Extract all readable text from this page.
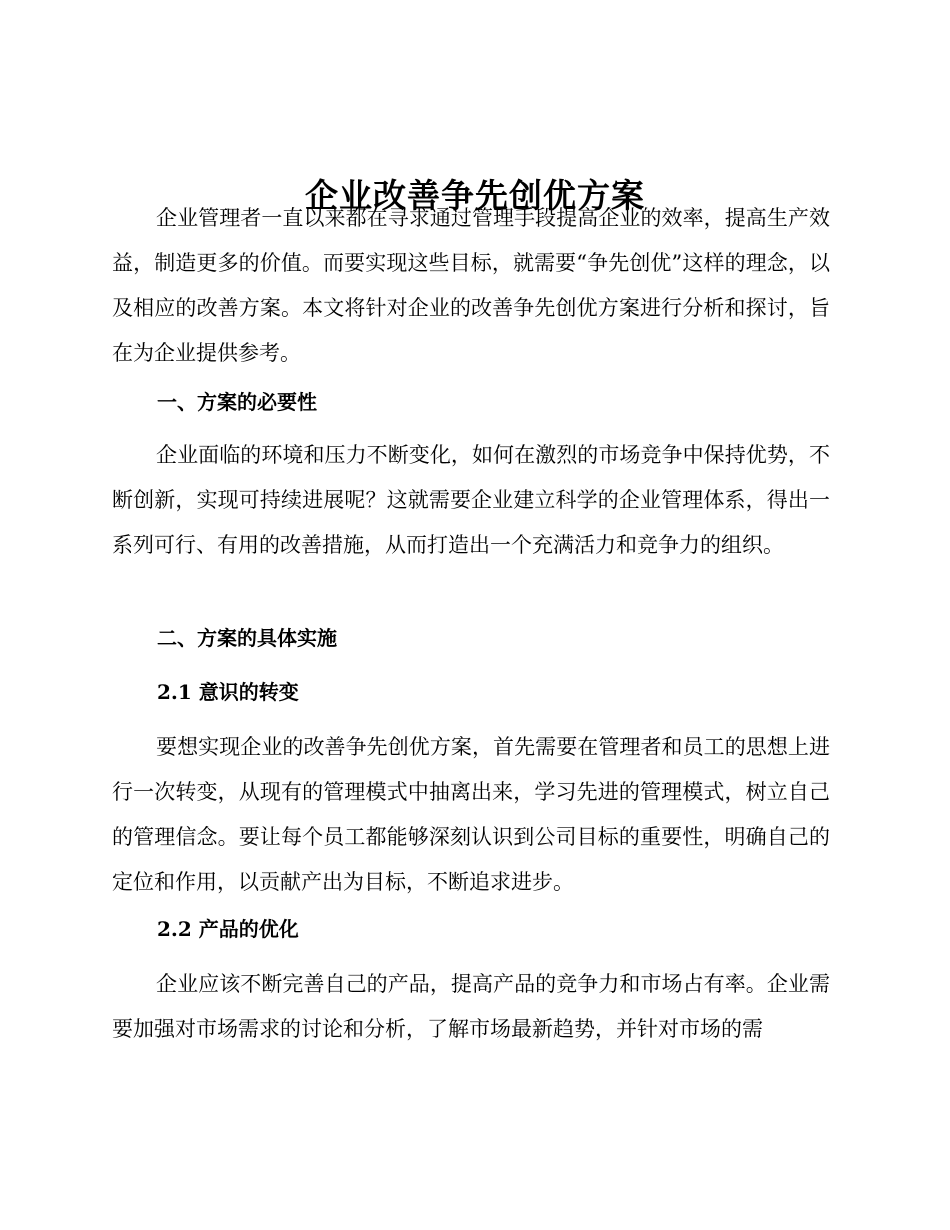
企业改善争先创优方案

企业管理者一直以来都在寻求通过管理手段提高企业的效率，提高生产效益，制造更多的价值。而要实现这些目标，就需要“争先创优”这样的理念，以及相应的改善方案。本文将针对企业的改善争先创优方案进行分析和探讨，旨在为企业提供参考。

一、方案的必要性

企业面临的环境和压力不断变化，如何在激烈的市场竞争中保持优势，不断创新，实现可持续进展呢？这就需要企业建立科学的企业管理体系，得出一系列可行、有用的改善措施，从而打造出一个充满活力和竞争力的组织。

二、方案的具体实施
2.1 意识的转变

要想实现企业的改善争先创优方案，首先需要在管理者和员工的思想上进行一次转变，从现有的管理模式中抽离出来，学习先进的管理模式，树立自己的管理信念。要让每个员工都能够深刻认识到公司目标的重要性，明确自己的定位和作用，以贡献产出为目标，不断追求进步。

2.2 产品的优化

企业应该不断完善自己的产品，提高产品的竞争力和市场占有率。企业需要加强对市场需求的讨论和分析，了解市场最新趋势，并针对市场的需
